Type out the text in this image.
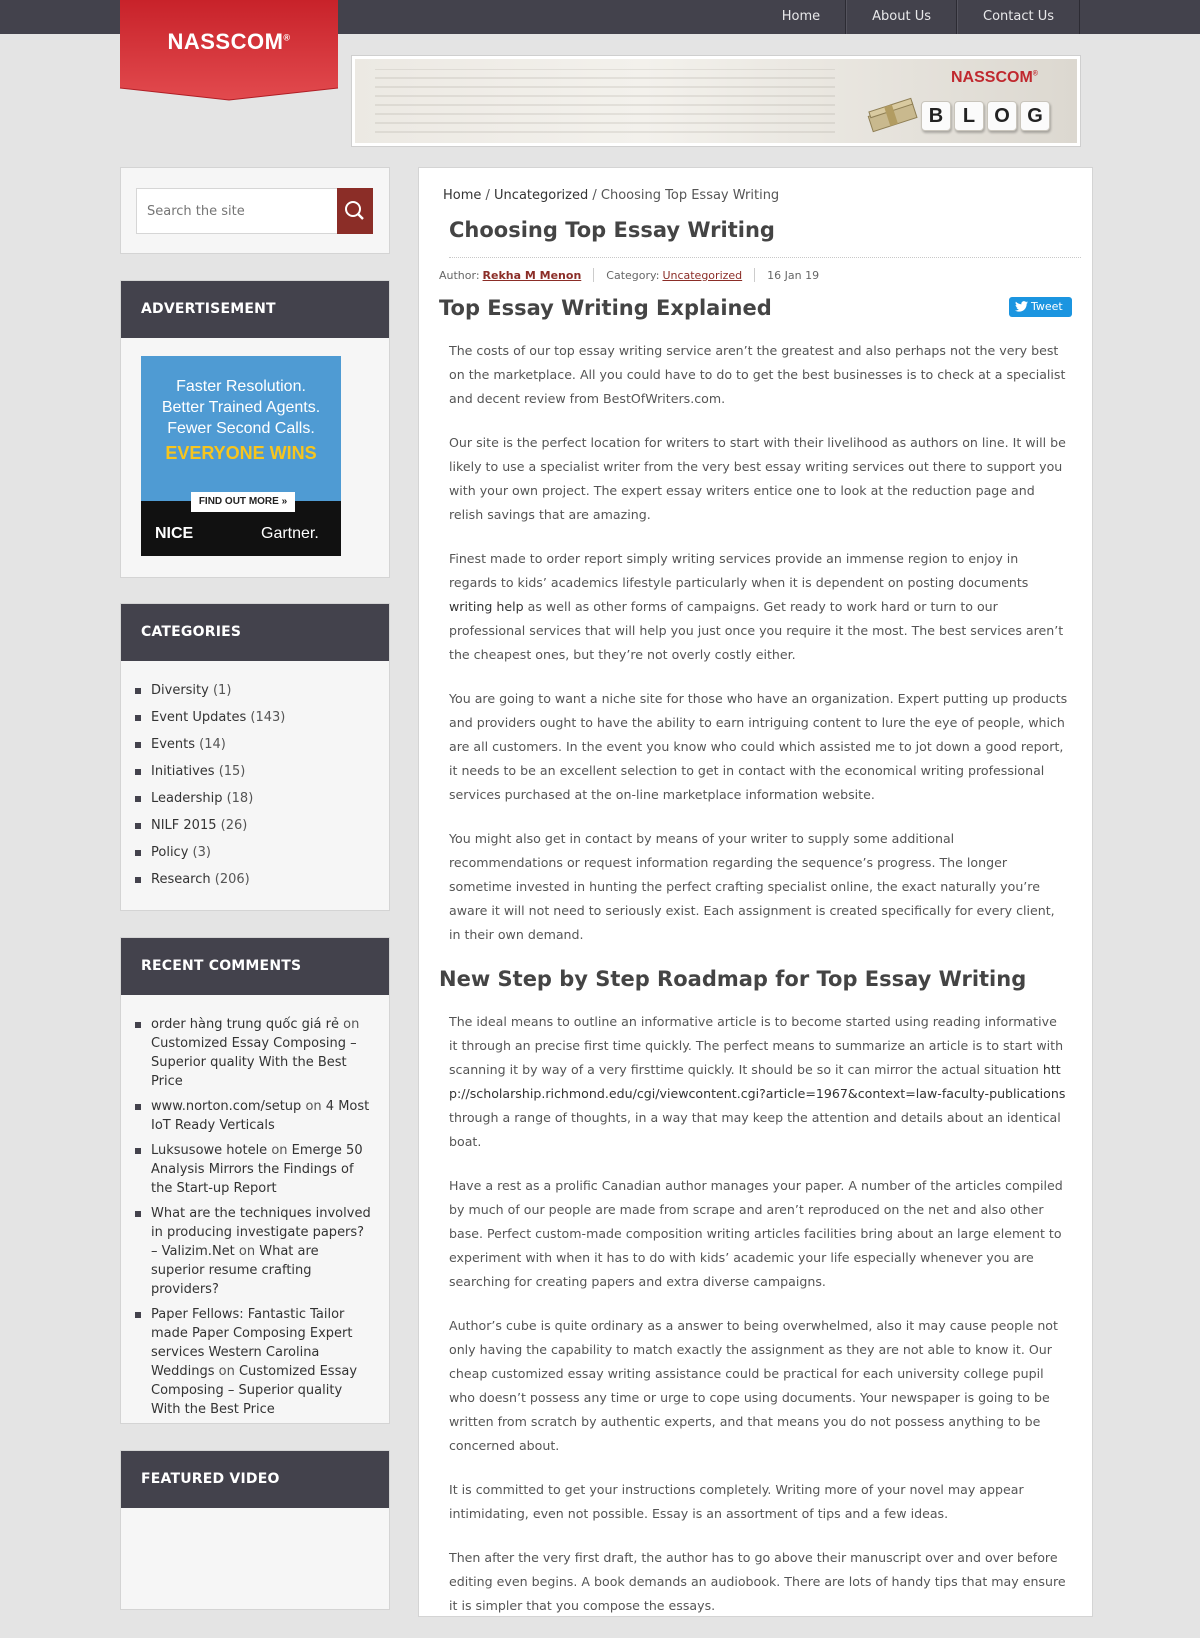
Home	About Us	Contact Us
NASSCOM®
NASSCOM®
B L O G
Search the site
ADVERTISEMENT
Faster Resolution.
Better Trained Agents.
Fewer Second Calls.
EVERYONE WINS
NICE	Gartner.
FIND OUT MORE »
CATEGORIES
Diversity (1)
Event Updates (143)
Events (14)
Initiatives (15)
Leadership (18)
NILF 2015 (26)
Policy (3)
Research (206)
RECENT COMMENTS
order hàng trung quốc giá rẻ on Customized Essay Composing – Superior quality With the Best Price
www.norton.com/setup on 4 Most IoT Ready Verticals
Luksusowe hotele on Emerge 50 Analysis Mirrors the Findings of the Start-up Report
What are the techniques involved in producing investigate papers? – Valizim.Net on What are superior resume crafting providers?
Paper Fellows: Fantastic Tailor made Paper Composing Expert services Western Carolina Weddings on Customized Essay Composing – Superior quality With the Best Price
FEATURED VIDEO
Home / Uncategorized / Choosing Top Essay Writing
Choosing Top Essay Writing
Author: Rekha M Menon Category: Uncategorized 16 Jan 19
Tweet
Top Essay Writing Explained

The costs of our top essay writing service aren’t the greatest and also perhaps not the very best on the marketplace. All you could have to do to get the best businesses is to check at a specialist and decent review from BestOfWriters.com.

Our site is the perfect location for writers to start with their livelihood as authors on line. It will be likely to use a specialist writer from the very best essay writing services out there to support you with your own project. The expert essay writers entice one to look at the reduction page and relish savings that are amazing.

Finest made to order report simply writing services provide an immense region to enjoy in regards to kids’ academics lifestyle particularly when it is dependent on posting documents writing help as well as other forms of campaigns. Get ready to work hard or turn to our professional services that will help you just once you require it the most. The best services aren’t the cheapest ones, but they’re not overly costly either.

You are going to want a niche site for those who have an organization. Expert putting up products and providers ought to have the ability to earn intriguing content to lure the eye of people, which are all customers. In the event you know who could which assisted me to jot down a good report, it needs to be an excellent selection to get in contact with the economical writing professional services purchased at the on-line marketplace information website.

You might also get in contact by means of your writer to supply some additional recommendations or request information regarding the sequence’s progress. The longer sometime invested in hunting the perfect crafting specialist online, the exact naturally you’re aware it will not need to seriously exist. Each assignment is created specifically for every client, in their own demand.

New Step by Step Roadmap for Top Essay Writing

The ideal means to outline an informative article is to become started using reading informative it through an precise first time quickly. The perfect means to summarize an article is to start with scanning it by way of a very firsttime quickly. It should be so it can mirror the actual situation http://scholarship.richmond.edu/cgi/viewcontent.cgi?article=1967&context=law-faculty-publications through a range of thoughts, in a way that may keep the attention and details about an identical boat.

Have a rest as a prolific Canadian author manages your paper. A number of the articles compiled by much of our people are made from scrape and aren’t reproduced on the net and also other base. Perfect custom-made composition writing articles facilities bring about an large element to experiment with when it has to do with kids’ academic your life especially whenever you are searching for creating papers and extra diverse campaigns.

Author’s cube is quite ordinary as a answer to being overwhelmed, also it may cause people not only having the capability to match exactly the assignment as they are not able to know it. Our cheap customized essay writing assistance could be practical for each university college pupil who doesn’t possess any time or urge to cope using documents. Your newspaper is going to be written from scratch by authentic experts, and that means you do not possess anything to be concerned about.

It is committed to get your instructions completely. Writing more of your novel may appear intimidating, even not possible. Essay is an assortment of tips and a few ideas.

Then after the very first draft, the author has to go above their manuscript over and over before editing even begins. A book demands an audiobook. There are lots of handy tips that may ensure it is simpler that you compose the essays.
